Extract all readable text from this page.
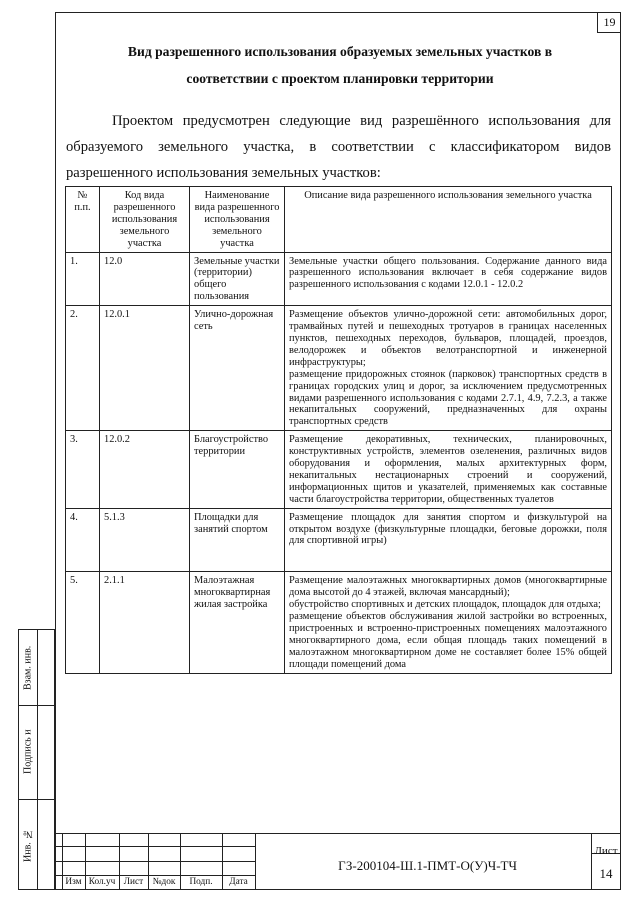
19
Вид разрешенного использования образуемых земельных участков в
соответствии с проектом планировки территории

Проектом предусмотрен следующие вид разрешённого использования для образуемого земельного участка, в соответствии с классификатором видов разрешенного использования земельных участков:

№ п.п.	Код вида разрешенного использования земельного участка	Наименование вида разрешенного использования земельного участка	Описание вида разрешенного использования земельного участка
1.	12.0	Земельные участки (территории) общего пользования	Земельные участки общего пользования. Содержание данного вида разрешенного использования включает в себя содержание видов разрешенного использования с кодами 12.0.1 - 12.0.2
2.	12.0.1	Улично-дорожная сеть	Размещение объектов улично-дорожной сети: автомобильных дорог, трамвайных путей и пешеходных тротуаров в границах населенных пунктов, пешеходных переходов, бульваров, площадей, проездов, велодорожек и объектов велотранспортной и инженерной инфраструктуры;
размещение придорожных стоянок (парковок) транспортных средств в границах городских улиц и дорог, за исключением предусмотренных видами разрешенного использования с кодами 2.7.1, 4.9, 7.2.3, а также некапитальных сооружений, предназначенных для охраны транспортных средств
3.	12.0.2	Благоустройство территории	Размещение декоративных, технических, планировочных, конструктивных устройств, элементов озеленения, различных видов оборудования и оформления, малых архитектурных форм, некапитальных нестационарных строений и сооружений, информационных щитов и указателей, применяемых как составные части благоустройства территории, общественных туалетов
4.	5.1.3	Площадки для занятий спортом	Размещение площадок для занятия спортом и физкультурой на открытом воздухе (физкультурные площадки, беговые дорожки, поля для спортивной игры)
5.	2.1.1	Малоэтажная многоквартирная жилая застройка	Размещение малоэтажных многоквартирных домов (многоквартирные дома высотой до 4 этажей, включая мансардный);
обустройство спортивных и детских площадок, площадок для отдыха;
размещение объектов обслуживания жилой застройки во встроенных, пристроенных и встроенно-пристроенных помещениях малоэтажного многоквартирного дома, если общая площадь таких помещений в малоэтажном многоквартирном доме не составляет более 15% общей площади помещений дома
Взам. инв.
Подпись и
Инв. №
Изм Кол.уч Лист	№док	Подп.	Дата
ГЗ-200104-Ш.1-ПМТ-О(У)Ч-ТЧ
Лист
14
